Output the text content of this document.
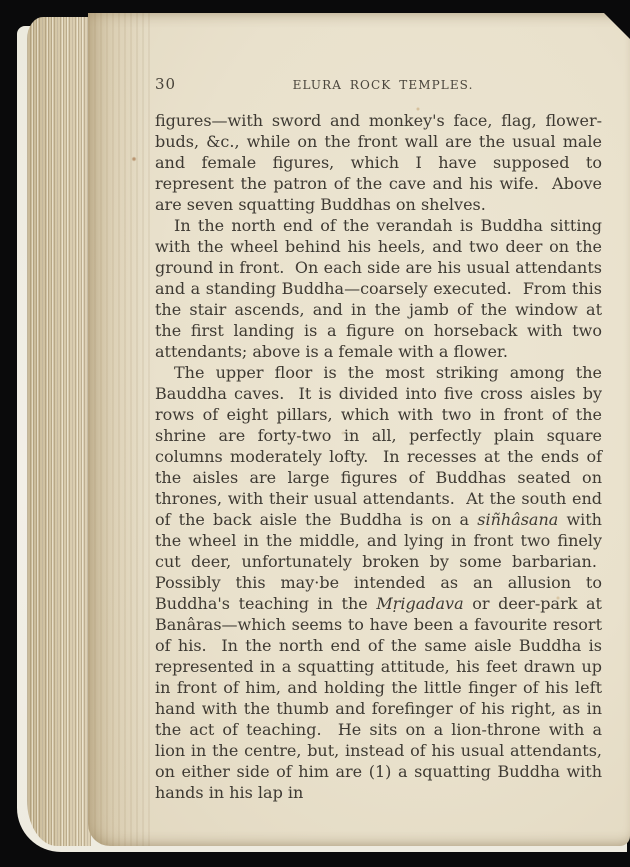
30	ELURA ROCK TEMPLES.

figures—with sword and monkey's face, flag, flower-buds, &c., while on the front wall are the usual male and female figures, which I have supposed to represent the patron of the cave and his wife.  Above are seven squatting Buddhas on shelves.

In the north end of the verandah is Buddha sitting with the wheel behind his heels, and two deer on the ground in front.  On each side are his usual attendants and a standing Buddha—coarsely executed.  From this the stair ascends, and in the jamb of the window at the first landing is a figure on horseback with two attendants; above is a female with a flower.

The upper floor is the most striking among the Bauddha caves.  It is divided into five cross aisles by rows of eight pillars, which with two in front of the shrine are forty-two in all, perfectly plain square columns moderately lofty.  In recesses at the ends of the aisles are large figures of Buddhas seated on thrones, with their usual attendants.  At the south end of the back aisle the Buddha is on a siñhâsana with the wheel in the middle, and lying in front two finely cut deer, unfortunately broken by some barbarian.  Possibly this may·be intended as an allusion to Buddha's teaching in the Mṛigadava or deer-park at Banâras—which seems to have been a favourite resort of his.  In the north end of the same aisle Buddha is represented in a squatting attitude, his feet drawn up in front of him, and holding the little finger of his left hand with the thumb and forefinger of his right, as in the act of teaching.  He sits on a lion-throne with a lion in the centre, but, instead of his usual attendants, on either side of him are (1) a squatting Buddha with hands in his lap in
